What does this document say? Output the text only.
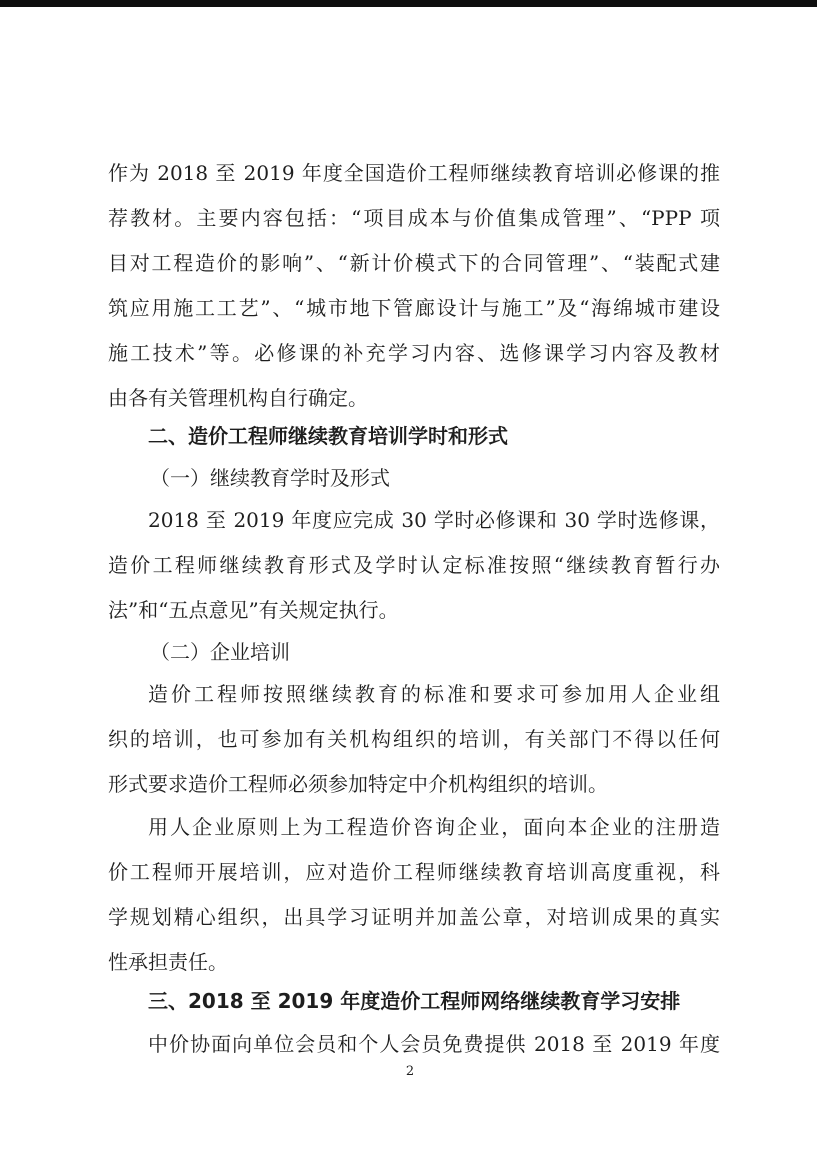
作为 2018 至 2019 年度全国造价工程师继续教育培训必修课的推
荐教材。主要内容包括：“项目成本与价值集成管理”、“PPP 项
目对工程造价的影响”、“新计价模式下的合同管理”、“装配式建
筑应用施工工艺”、“城市地下管廊设计与施工”及“海绵城市建设
施工技术”等。必修课的补充学习内容、选修课学习内容及教材
由各有关管理机构自行确定。
二、造价工程师继续教育培训学时和形式
（一）继续教育学时及形式
2018 至 2019 年度应完成 30 学时必修课和 30 学时选修课，
造价工程师继续教育形式及学时认定标准按照“继续教育暂行办
法”和“五点意见”有关规定执行。
（二）企业培训
造价工程师按照继续教育的标准和要求可参加用人企业组
织的培训，也可参加有关机构组织的培训，有关部门不得以任何
形式要求造价工程师必须参加特定中介机构组织的培训。
用人企业原则上为工程造价咨询企业，面向本企业的注册造
价工程师开展培训，应对造价工程师继续教育培训高度重视，科
学规划精心组织，出具学习证明并加盖公章，对培训成果的真实
性承担责任。
三、2018 至 2019 年度造价工程师网络继续教育学习安排
中价协面向单位会员和个人会员免费提供 2018 至 2019 年度
2
